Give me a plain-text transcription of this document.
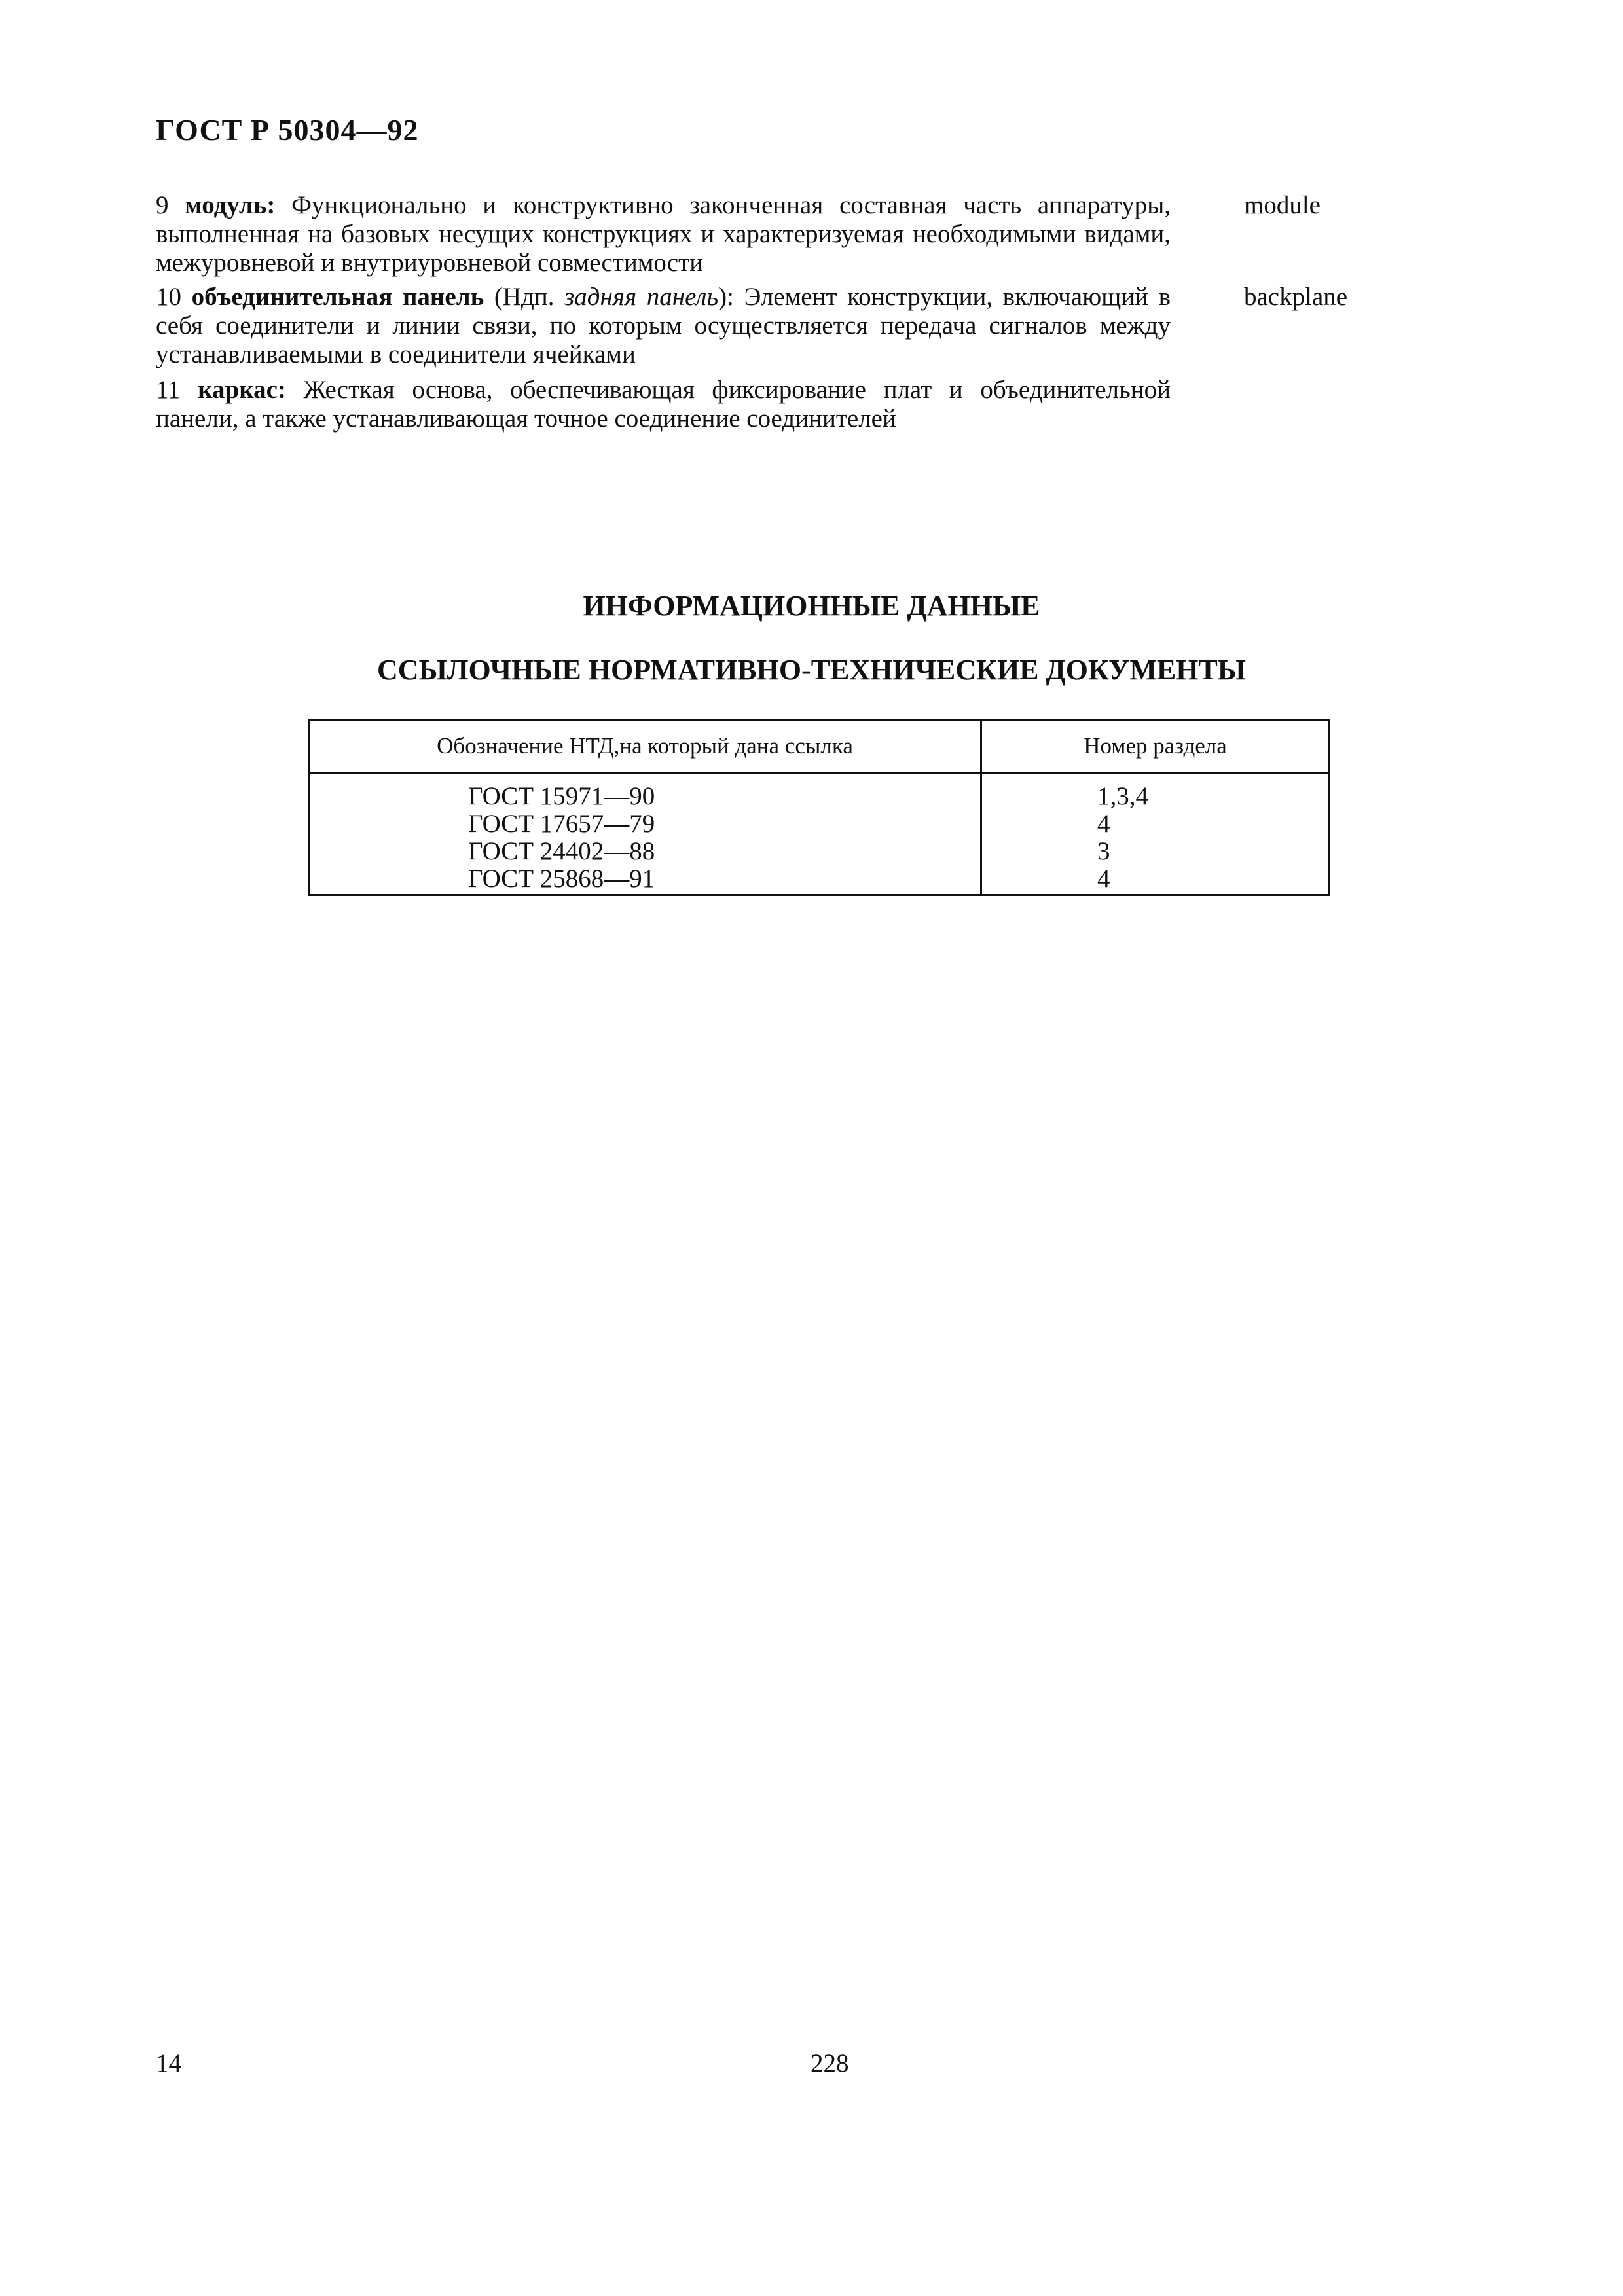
ГОСТ Р 50304—92

9 модуль: Функционально и конструктивно законченная составная часть аппаратуры, выполненная на базовых несущих конструкциях и характеризуемая необходимыми видами, межуровневой и внутриуровневой совместимости

module

10 объединительная панель (Ндп. задняя панель): Элемент конструкции, включающий в себя соединители и линии связи, по которым осуществляется передача сигналов между устанавливаемыми в соединители ячейками

backplane

11 каркас: Жесткая основа, обеспечивающая фиксирование плат и объединительной панели, а также устанавливающая точное соединение соединителей

ИНФОРМАЦИОННЫЕ ДАННЫЕ
ССЫЛОЧНЫЕ НОРМАТИВНО-ТЕХНИЧЕСКИЕ ДОКУМЕНТЫ
Обозначение НТД,на который дана ссылка	Номер раздела
ГОСТ 15971—90	1,3,4
ГОСТ 17657—79	4
ГОСТ 24402—88	3
ГОСТ 25868—91	4
14	228
